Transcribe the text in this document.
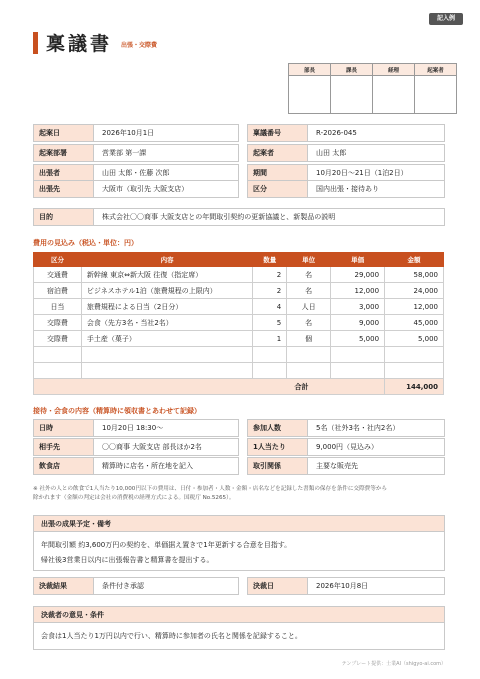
記入例
稟議書 出張・交際費
部長	課長	経理	起案者

起案日	2026年10月1日	稟議番号	R-2026-045
起案部署	営業部 第一課	起案者	山田 太郎
出張者	山田 太郎・佐藤 次郎	期間	10月20日〜21日（1泊2日）
出張先	大阪市（取引先 大阪支店）	区分	国内出張・接待あり
目的	株式会社〇〇商事 大阪支店との年間取引契約の更新協議と、新製品の説明
費用の見込み（税込・単位：円）
区分	内容	数量	単位	単価	金額
交通費	新幹線 東京⇔新大阪 往復（指定席）	2	名	29,000	58,000
宿泊費	ビジネスホテル1泊（旅費規程の上限内）	2	名	12,000	24,000
日当	旅費規程による日当（2日分）	4	人日	3,000	12,000
交際費	会食（先方3名・当社2名）	5	名	9,000	45,000
交際費	手土産（菓子）	1	個	5,000	5,000

合計					144,000
接待・会食の内容（精算時に領収書とあわせて記録）
日時	10月20日 18:30〜	参加人数	5名（社外3名・社内2名）
相手先	〇〇商事 大阪支店 部長ほか2名	1人当たり	9,000円（見込み）
飲食店	精算時に店名・所在地を記入	取引関係	主要な販売先
※ 社外の人との飲食で1人当たり10,000円以下の費用は、日付・参加者・人数・金額・店名などを記録した書類の保存を条件に交際費等から
除かれます（金額の判定は会社の消費税の経理方式による。国税庁 No.5265）。
出張の成果予定・備考
年間取引額 約3,600万円の契約を、単価据え置きで1年更新する合意を目指す。
帰社後3営業日以内に出張報告書と精算書を提出する。
決裁結果	条件付き承認	決裁日	2026年10月8日
決裁者の意見・条件
会食は1人当たり1万円以内で行い、精算時に参加者の氏名と関係を記録すること。
テンプレート提供：士業AI（shigyo-ai.com）
